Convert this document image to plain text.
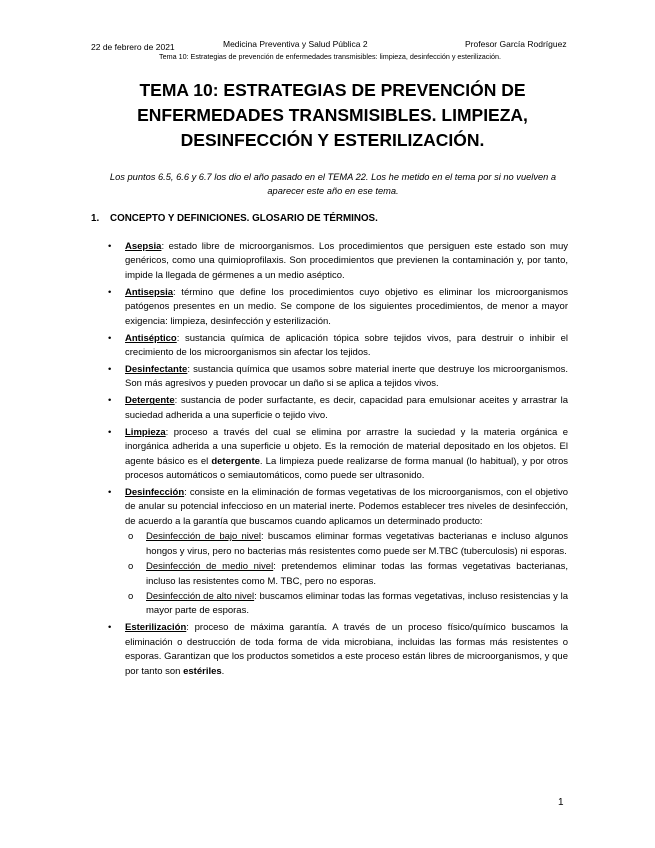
22 de febrero de 2021	Medicina Preventiva y Salud Pública 2	Profesor García Rodríguez
Tema 10: Estrategias de prevención de enfermedades transmisibles: limpieza, desinfección y esterilización.
TEMA 10: ESTRATEGIAS DE PREVENCIÓN DE ENFERMEDADES TRANSMISIBLES. LIMPIEZA, DESINFECCIÓN Y ESTERILIZACIÓN.

Los puntos 6.5, 6.6 y 6.7 los dio el año pasado en el TEMA 22. Los he metido en el tema por si no vuelven a aparecer este año en ese tema.

1. CONCEPTO Y DEFINICIONES. GLOSARIO DE TÉRMINOS.
• Asepsia: estado libre de microorganismos. Los procedimientos que persiguen este estado son muy genéricos, como una quimioprofilaxis. Son procedimientos que previenen la contaminación y, por tanto, impide la llegada de gérmenes a un medio aséptico.
• Antisepsia: término que define los procedimientos cuyo objetivo es eliminar los microorganismos patógenos presentes en un medio. Se compone de los siguientes procedimientos, de menor a mayor exigencia: limpieza, desinfección y esterilización.
• Antiséptico: sustancia química de aplicación tópica sobre tejidos vivos, para destruir o inhibir el crecimiento de los microorganismos sin afectar los tejidos.
• Desinfectante: sustancia química que usamos sobre material inerte que destruye los microorganismos. Son más agresivos y pueden provocar un daño si se aplica a tejidos vivos.
• Detergente: sustancia de poder surfactante, es decir, capacidad para emulsionar aceites y arrastrar la suciedad adherida a una superficie o tejido vivo.
• Limpieza: proceso a través del cual se elimina por arrastre la suciedad y la materia orgánica e inorgánica adherida a una superficie u objeto. Es la remoción de material depositado en los objetos. El agente básico es el detergente. La limpieza puede realizarse de forma manual (lo habitual), y por otros procesos automáticos o semiautomáticos, como puede ser ultrasonido.
• Desinfección: consiste en la eliminación de formas vegetativas de los microorganismos, con el objetivo de anular su potencial infeccioso en un material inerte. Podemos establecer tres niveles de desinfección, de acuerdo a la garantía que buscamos cuando aplicamos un determinado producto:
o Desinfección de bajo nivel: buscamos eliminar formas vegetativas bacterianas e incluso algunos hongos y virus, pero no bacterias más resistentes como puede ser M.TBC (tuberculosis) ni esporas.
o Desinfección de medio nivel: pretendemos eliminar todas las formas vegetativas bacterianas, incluso las resistentes como M. TBC, pero no esporas.
o Desinfección de alto nivel: buscamos eliminar todas las formas vegetativas, incluso resistencias y la mayor parte de esporas.
• Esterilización: proceso de máxima garantía. A través de un proceso físico/químico buscamos la eliminación o destrucción de toda forma de vida microbiana, incluidas las formas más resistentes o esporas. Garantizan que los productos sometidos a este proceso están libres de microorganismos, y que por tanto son estériles.
1
